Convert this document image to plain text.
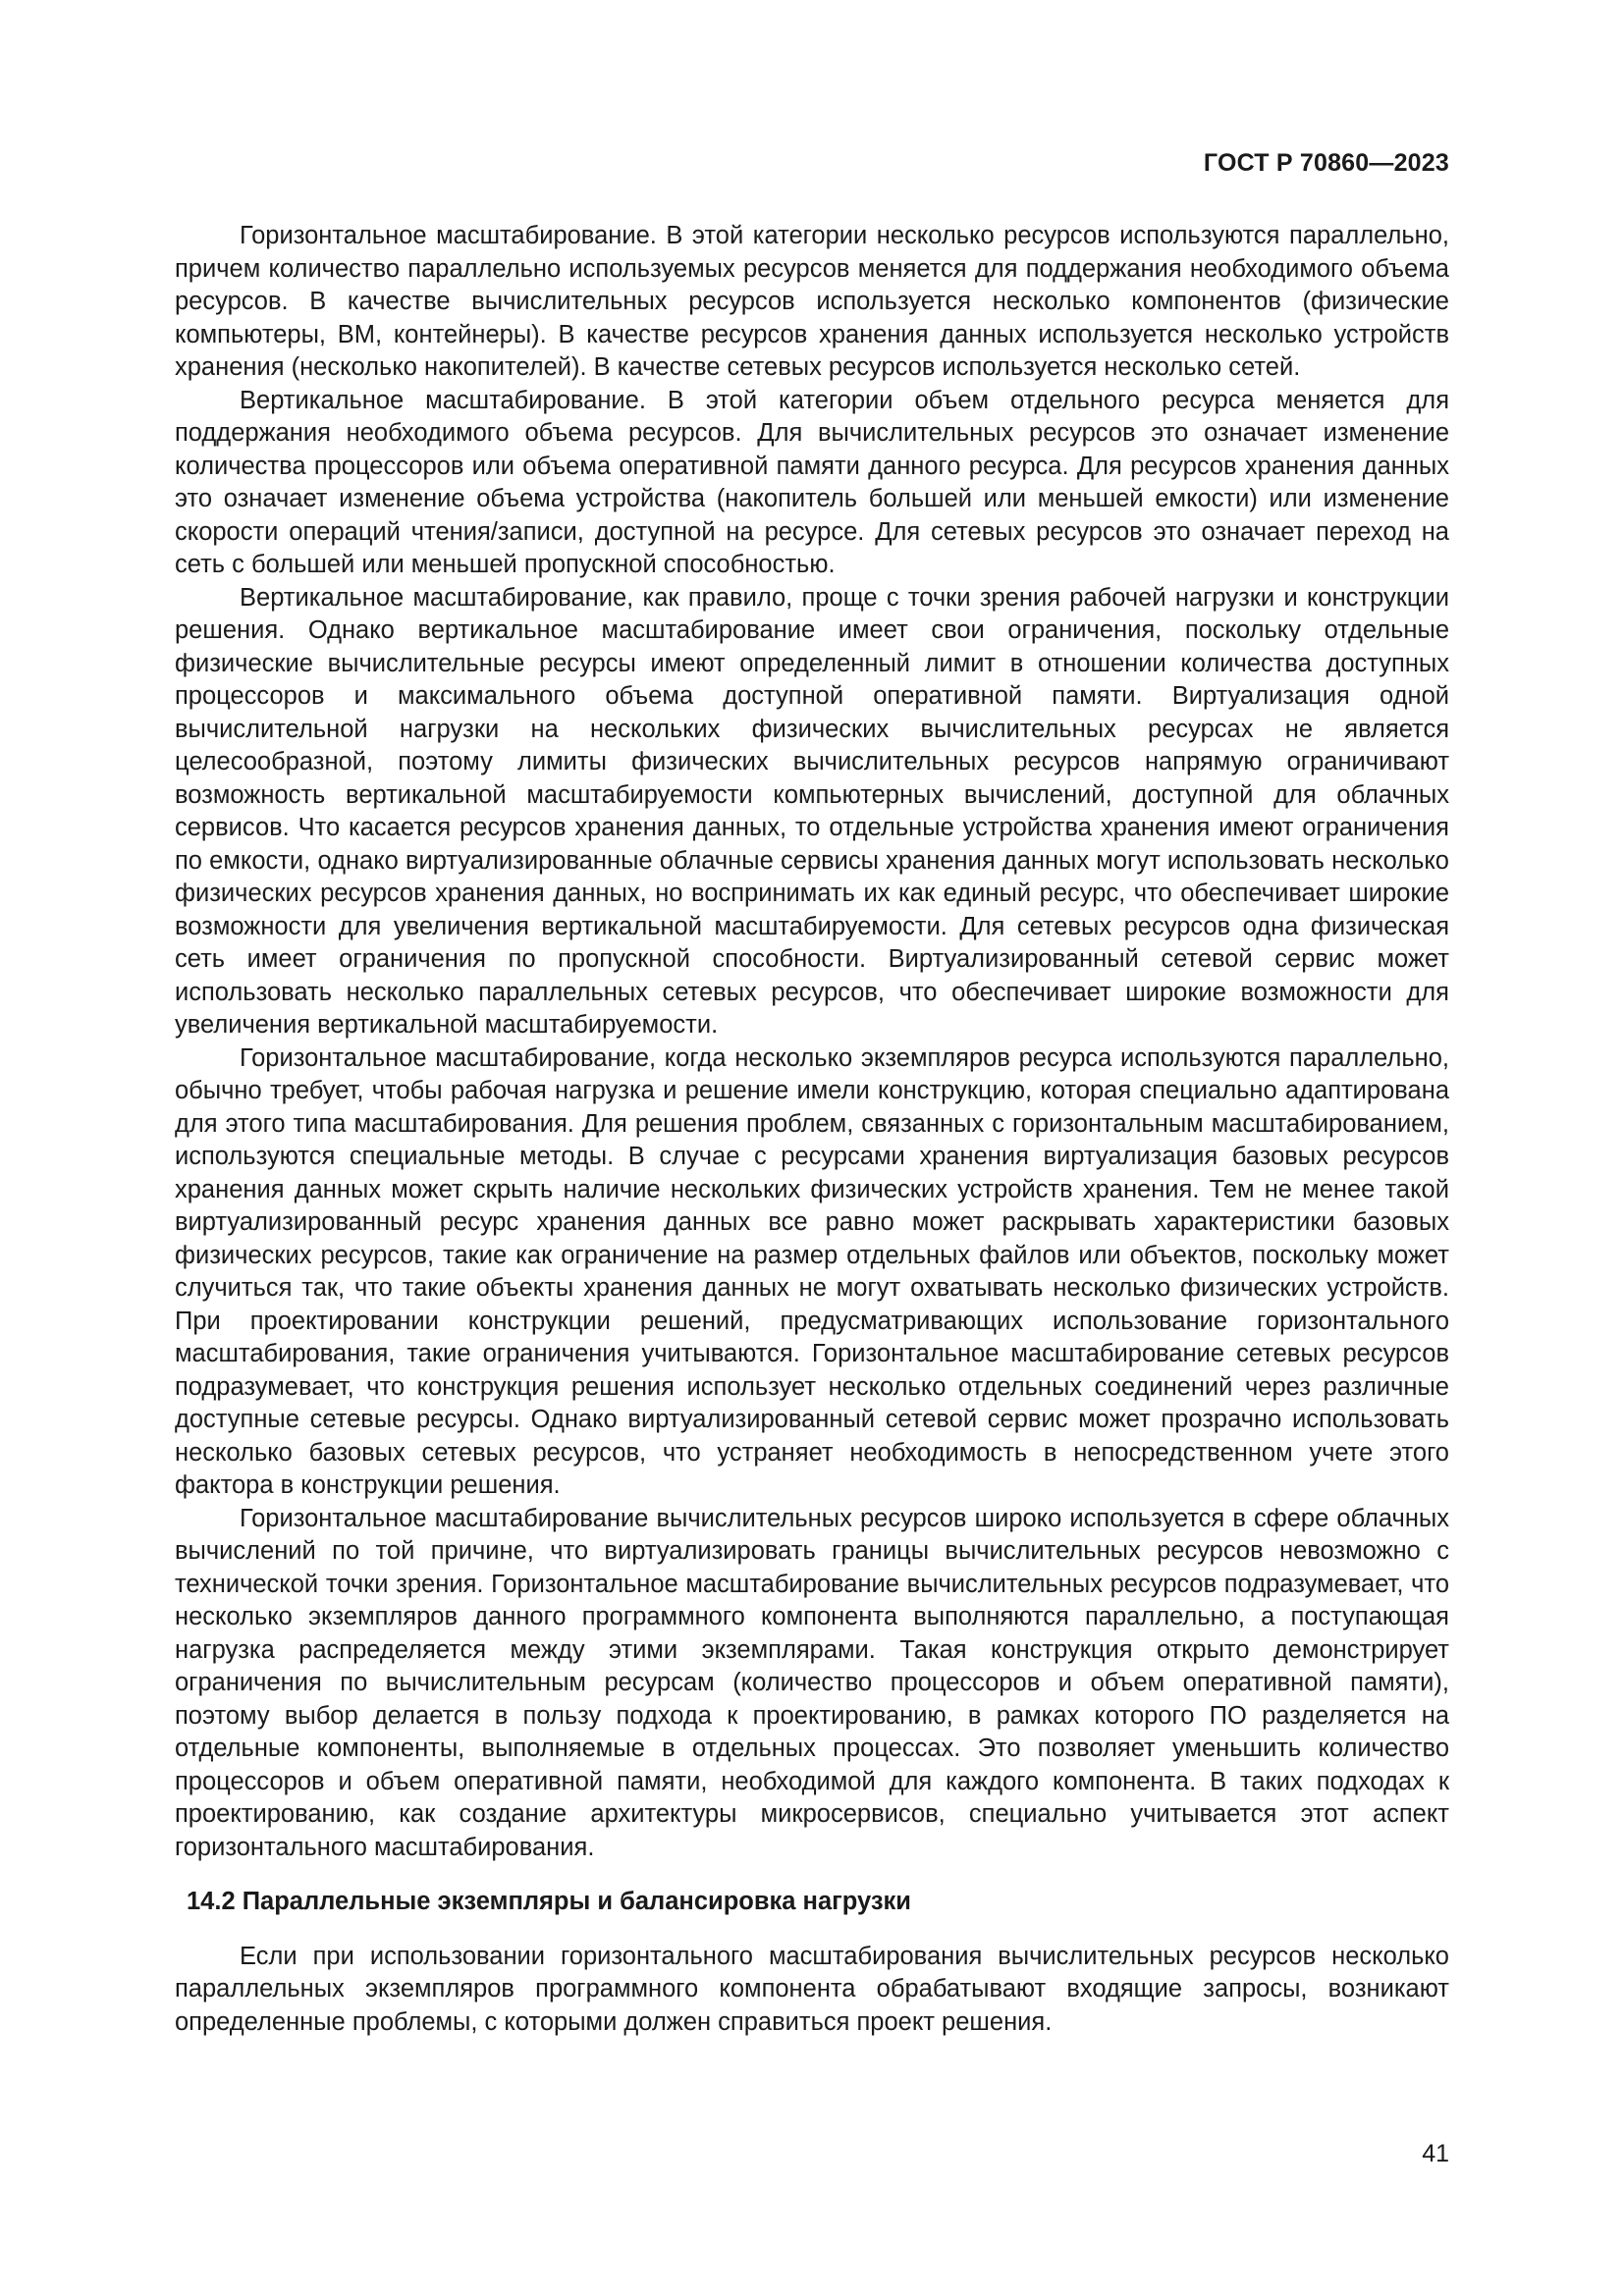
ГОСТ Р 70860—2023

Горизонтальное масштабирование. В этой категории несколько ресурсов используются параллельно, причем количество параллельно используемых ресурсов меняется для поддержания необходимого объема ресурсов. В качестве вычислительных ресурсов используется несколько компонентов (физические компьютеры, ВМ, контейнеры). В качестве ресурсов хранения данных используется несколько устройств хранения (несколько накопителей). В качестве сетевых ресурсов используется несколько сетей.

Вертикальное масштабирование. В этой категории объем отдельного ресурса меняется для поддержания необходимого объема ресурсов. Для вычислительных ресурсов это означает изменение количества процессоров или объема оперативной памяти данного ресурса. Для ресурсов хранения данных это означает изменение объема устройства (накопитель большей или меньшей емкости) или изменение скорости операций чтения/записи, доступной на ресурсе. Для сетевых ресурсов это означает переход на сеть с большей или меньшей пропускной способностью.

Вертикальное масштабирование, как правило, проще с точки зрения рабочей нагрузки и конструкции решения. Однако вертикальное масштабирование имеет свои ограничения, поскольку отдельные физические вычислительные ресурсы имеют определенный лимит в отношении количества доступных процессоров и максимального объема доступной оперативной памяти. Виртуализация одной вычислительной нагрузки на нескольких физических вычислительных ресурсах не является целесообразной, поэтому лимиты физических вычислительных ресурсов напрямую ограничивают возможность вертикальной масштабируемости компьютерных вычислений, доступной для облачных сервисов. Что касается ресурсов хранения данных, то отдельные устройства хранения имеют ограничения по емкости, однако виртуализированные облачные сервисы хранения данных могут использовать несколько физических ресурсов хранения данных, но воспринимать их как единый ресурс, что обеспечивает широкие возможности для увеличения вертикальной масштабируемости. Для сетевых ресурсов одна физическая сеть имеет ограничения по пропускной способности. Виртуализированный сетевой сервис может использовать несколько параллельных сетевых ресурсов, что обеспечивает широкие возможности для увеличения вертикальной масштабируемости.

Горизонтальное масштабирование, когда несколько экземпляров ресурса используются параллельно, обычно требует, чтобы рабочая нагрузка и решение имели конструкцию, которая специально адаптирована для этого типа масштабирования. Для решения проблем, связанных с горизонтальным масштабированием, используются специальные методы. В случае с ресурсами хранения виртуализация базовых ресурсов хранения данных может скрыть наличие нескольких физических устройств хранения. Тем не менее такой виртуализированный ресурс хранения данных все равно может раскрывать характеристики базовых физических ресурсов, такие как ограничение на размер отдельных файлов или объектов, поскольку может случиться так, что такие объекты хранения данных не могут охватывать несколько физических устройств. При проектировании конструкции решений, предусматривающих использование горизонтального масштабирования, такие ограничения учитываются. Горизонтальное масштабирование сетевых ресурсов подразумевает, что конструкция решения использует несколько отдельных соединений через различные доступные сетевые ресурсы. Однако виртуализированный сетевой сервис может прозрачно использовать несколько базовых сетевых ресурсов, что устраняет необходимость в непосредственном учете этого фактора в конструкции решения.

Горизонтальное масштабирование вычислительных ресурсов широко используется в сфере облачных вычислений по той причине, что виртуализировать границы вычислительных ресурсов невозможно с технической точки зрения. Горизонтальное масштабирование вычислительных ресурсов подразумевает, что несколько экземпляров данного программного компонента выполняются параллельно, а поступающая нагрузка распределяется между этими экземплярами. Такая конструкция открыто демонстрирует ограничения по вычислительным ресурсам (количество процессоров и объем оперативной памяти), поэтому выбор делается в пользу подхода к проектированию, в рамках которого ПО разделяется на отдельные компоненты, выполняемые в отдельных процессах. Это позволяет уменьшить количество процессоров и объем оперативной памяти, необходимой для каждого компонента. В таких подходах к проектированию, как создание архитектуры микросервисов, специально учитывается этот аспект горизонтального масштабирования.

14.2 Параллельные экземпляры и балансировка нагрузки

Если при использовании горизонтального масштабирования вычислительных ресурсов несколько параллельных экземпляров программного компонента обрабатывают входящие запросы, возникают определенные проблемы, с которыми должен справиться проект решения.

41
